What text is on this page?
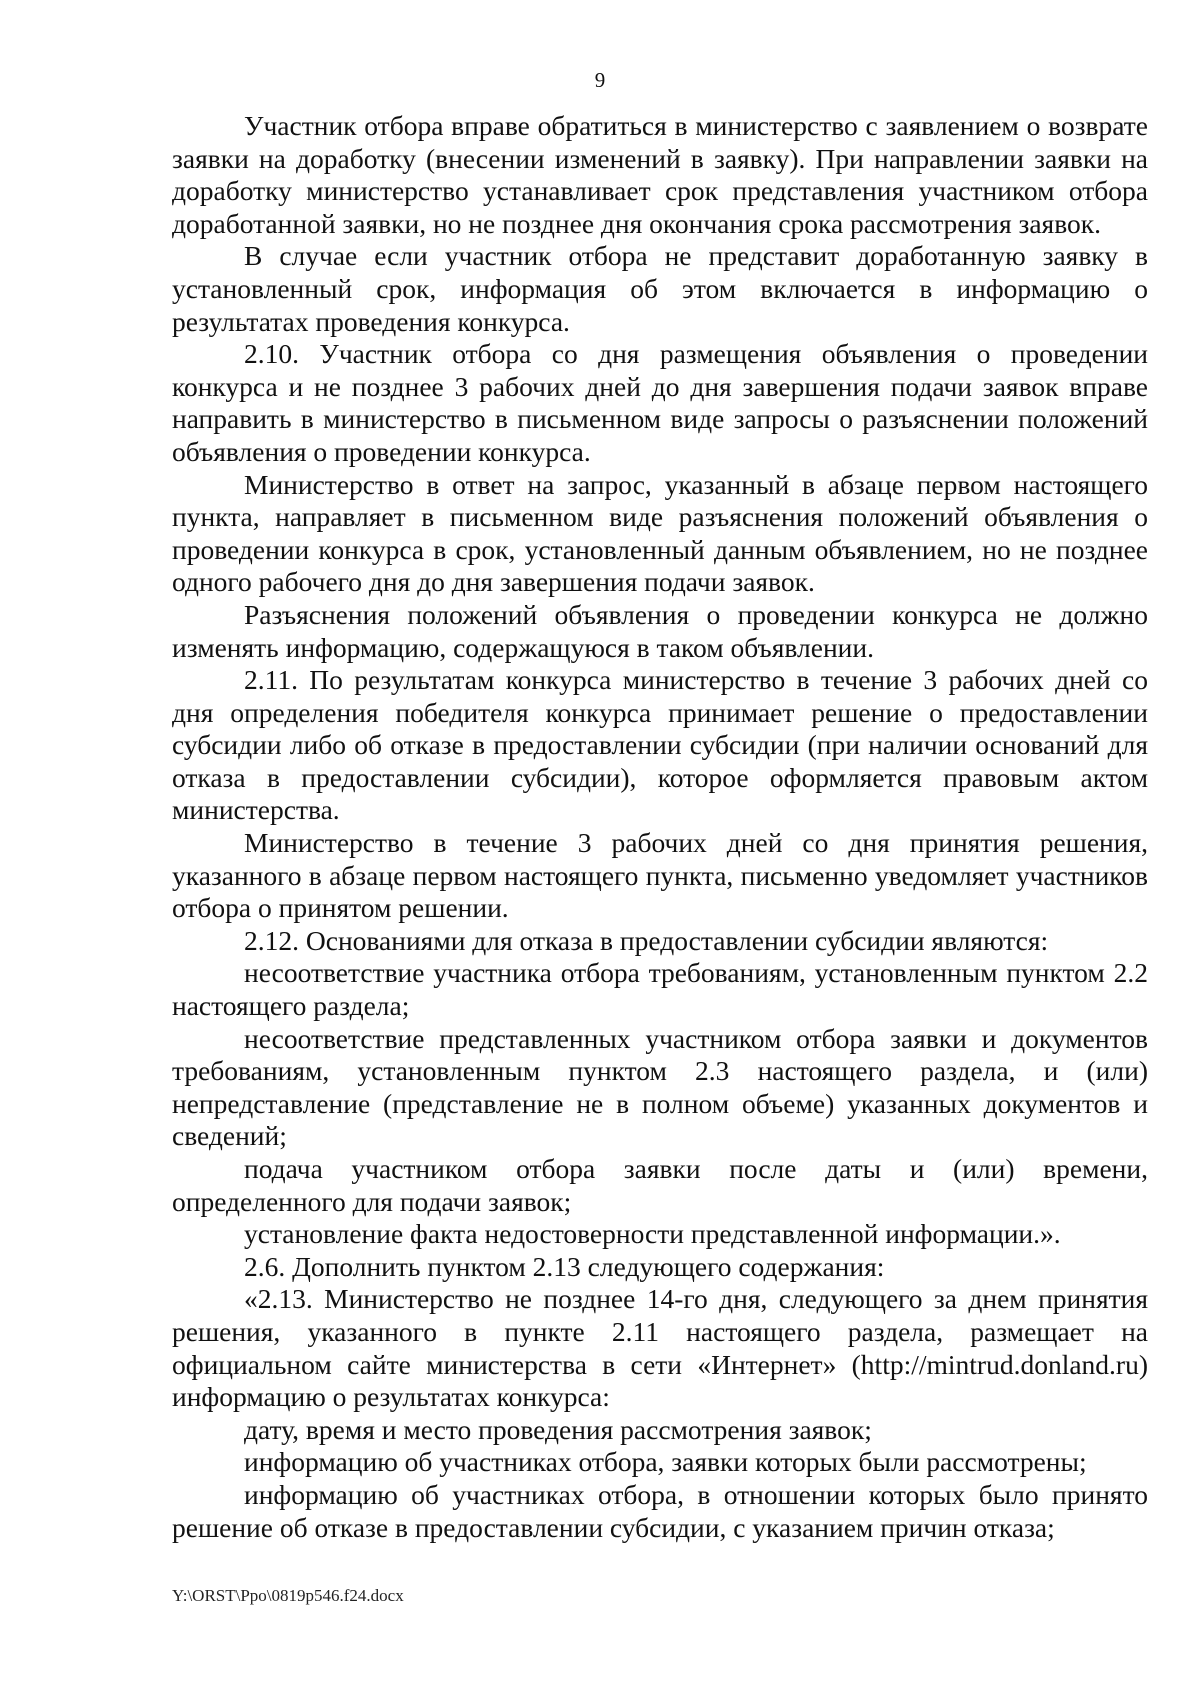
9

Участник отбора вправе обратиться в министерство с заявлением о возврате заявки на доработку (внесении изменений в заявку). При направлении заявки на доработку министерство устанавливает срок представления участником отбора доработанной заявки, но не позднее дня окончания срока рассмотрения заявок.

В случае если участник отбора не представит доработанную заявку в установленный срок, информация об этом включается в информацию о результатах проведения конкурса.

2.10. Участник отбора со дня размещения объявления о проведении конкурса и не позднее 3 рабочих дней до дня завершения подачи заявок вправе направить в министерство в письменном виде запросы о разъяснении положений объявления о проведении конкурса.

Министерство в ответ на запрос, указанный в абзаце первом настоящего пункта, направляет в письменном виде разъяснения положений объявления о проведении конкурса в срок, установленный данным объявлением, но не позднее одного рабочего дня до дня завершения подачи заявок.

Разъяснения положений объявления о проведении конкурса не должно изменять информацию, содержащуюся в таком объявлении.

2.11. По результатам конкурса министерство в течение 3 рабочих дней со дня определения победителя конкурса принимает решение о предоставлении субсидии либо об отказе в предоставлении субсидии (при наличии оснований для отказа в предоставлении субсидии), которое оформляется правовым актом министерства.

Министерство в течение 3 рабочих дней со дня принятия решения, указанного в абзаце первом настоящего пункта, письменно уведомляет участников отбора о принятом решении.

2.12. Основаниями для отказа в предоставлении субсидии являются:

несоответствие участника отбора требованиям, установленным пунктом 2.2 настоящего раздела;

несоответствие представленных участником отбора заявки и документов требованиям, установленным пунктом 2.3 настоящего раздела, и (или) непредставление (представление не в полном объеме) указанных документов и сведений;

подача участником отбора заявки после даты и (или) времени, определенного для подачи заявок;

установление факта недостоверности представленной информации.».

2.6. Дополнить пунктом 2.13 следующего содержания:

«2.13. Министерство не позднее 14-го дня, следующего за днем принятия решения, указанного в пункте 2.11 настоящего раздела, размещает на официальном сайте министерства в сети «Интернет» (http://mintrud.donland.ru) информацию о результатах конкурса:

дату, время и место проведения рассмотрения заявок;

информацию об участниках отбора, заявки которых были рассмотрены;

информацию об участниках отбора, в отношении которых было принято решение об отказе в предоставлении субсидии, с указанием причин отказа;

Y:\ORST\Ppo\0819p546.f24.docx
